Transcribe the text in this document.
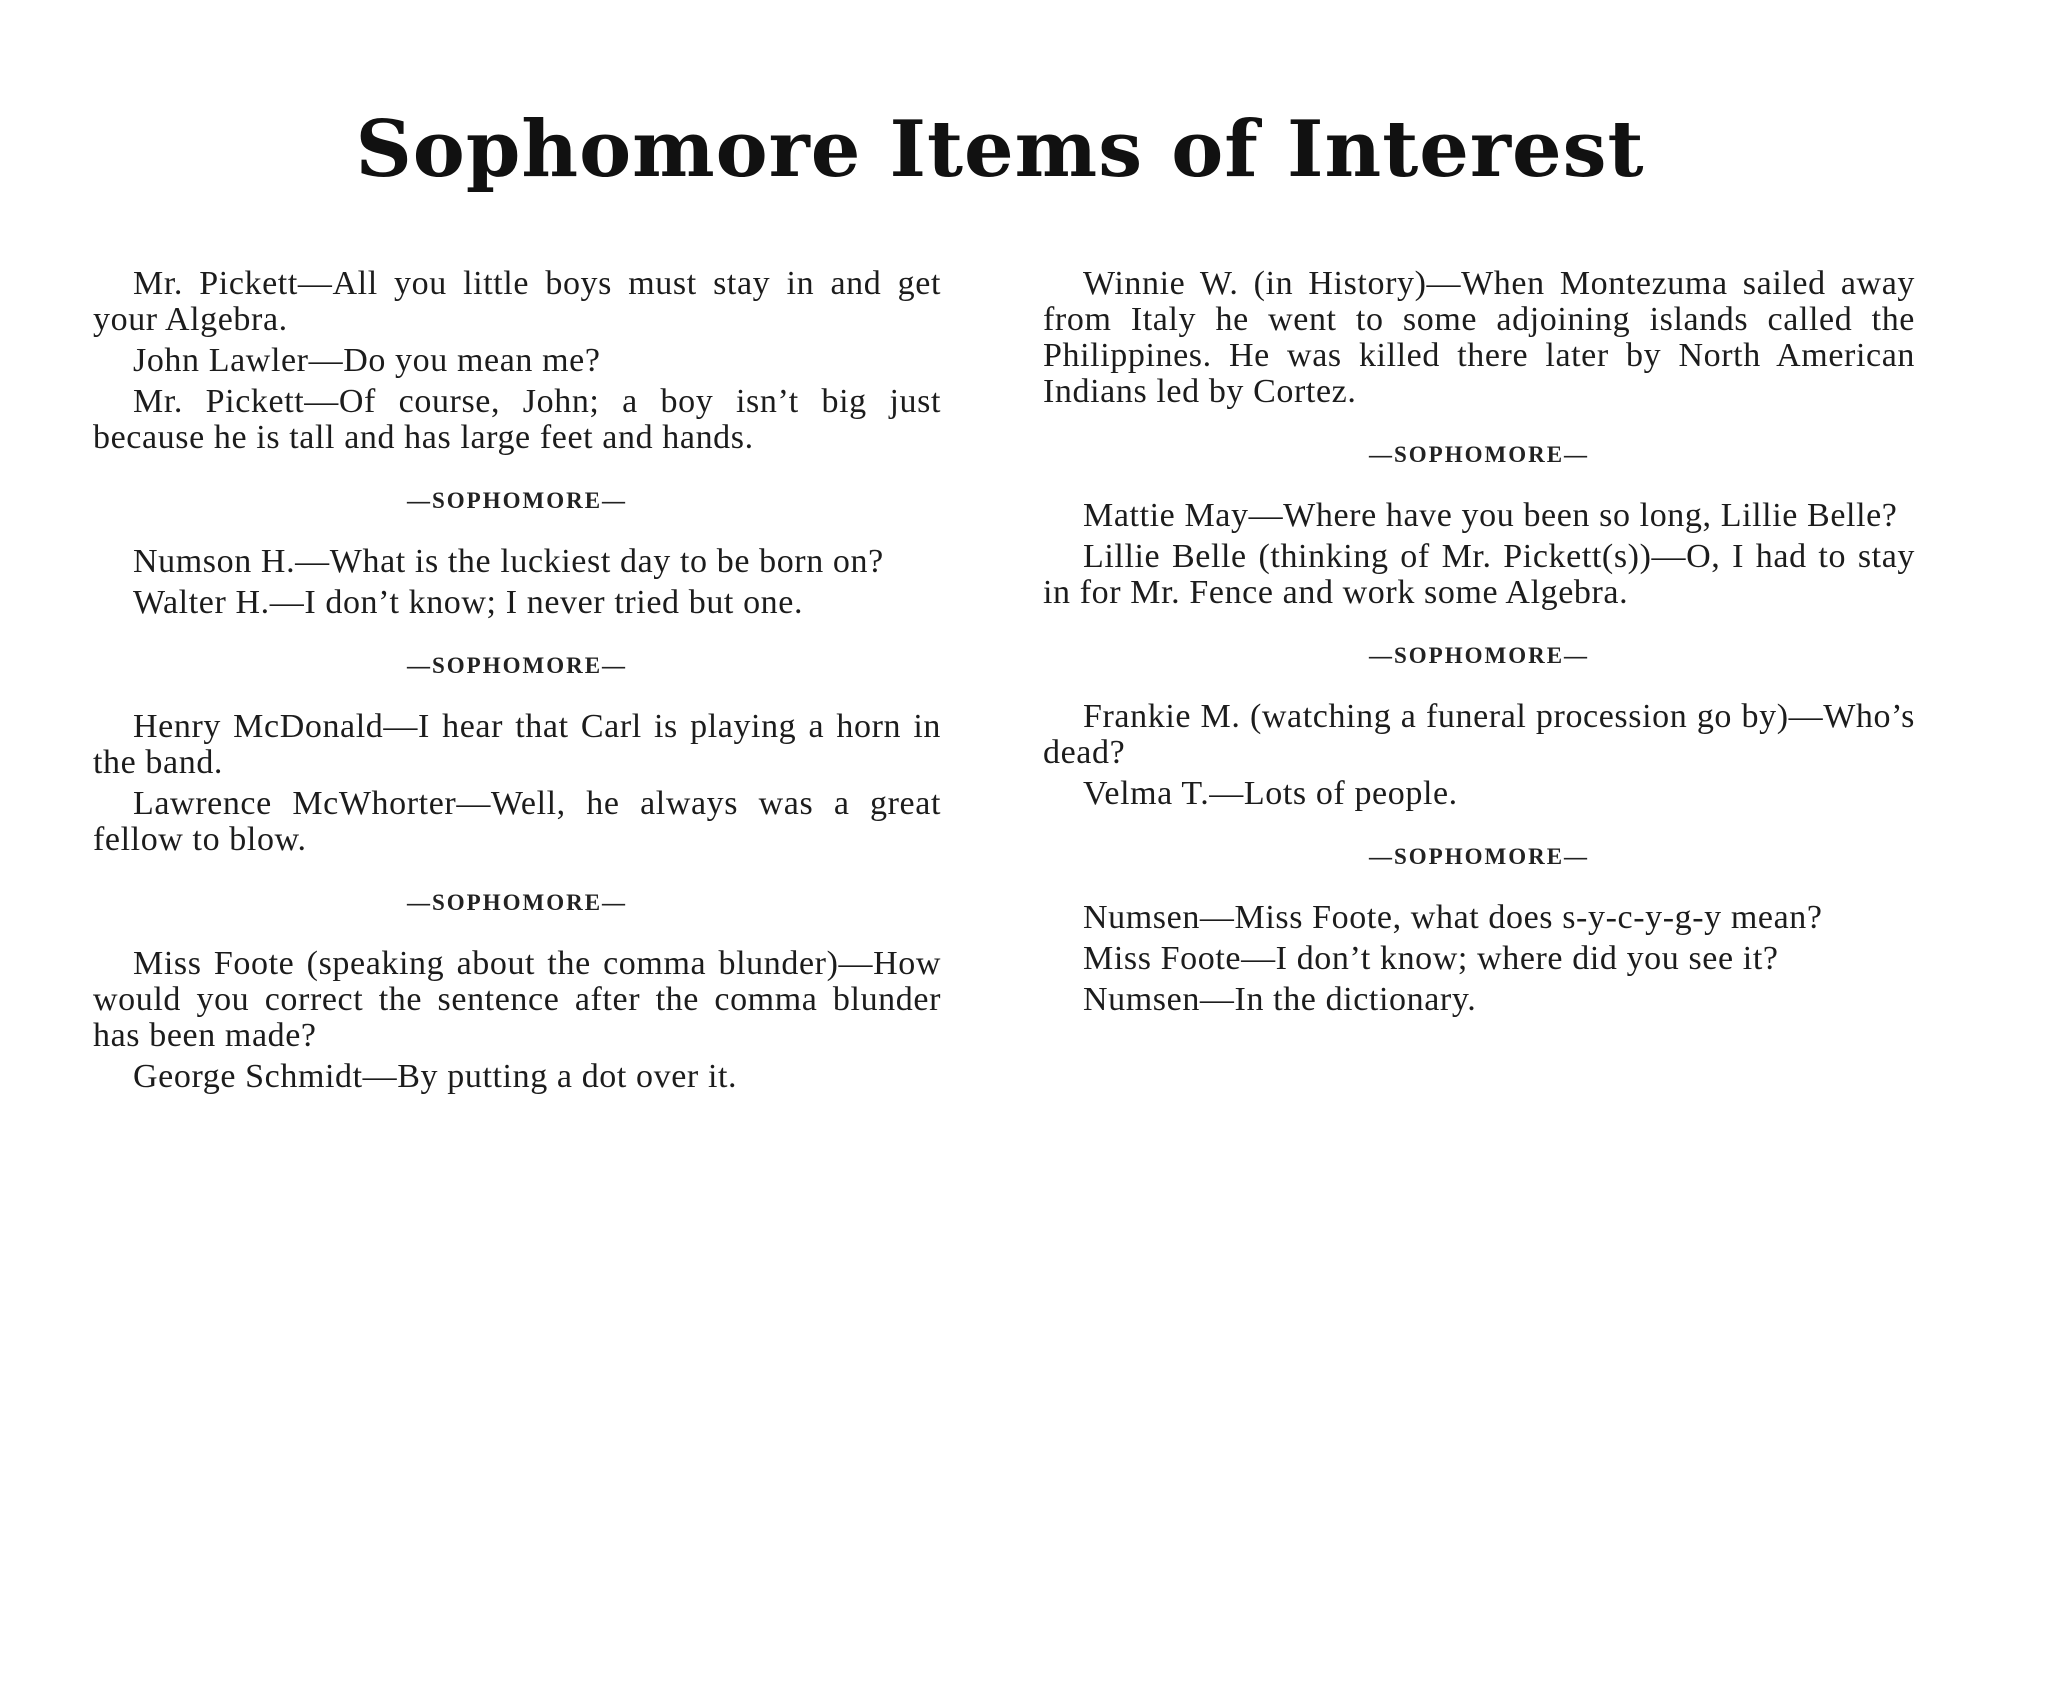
Sophomore Items of Interest

Mr. Pickett—All you little boys must stay in and get your Algebra.

John Lawler—Do you mean me?

Mr. Pickett—Of course, John; a boy isn’t big just because he is tall and has large feet and hands.

—SOPHOMORE—

Numson H.—What is the luckiest day to be born on?

Walter H.—I don’t know; I never tried but one.

—SOPHOMORE—

Henry McDonald—I hear that Carl is playing a horn in the band.

Lawrence McWhorter—Well, he always was a great fellow to blow.

—SOPHOMORE—

Miss Foote (speaking about the comma blunder)—How would you correct the sentence after the comma blunder has been made?

George Schmidt—By putting a dot over it.

Winnie W. (in History)—When Montezuma sailed away from Italy he went to some adjoining islands called the Philippines. He was killed there later by North American Indians led by Cortez.

—SOPHOMORE—

Mattie May—Where have you been so long, Lillie Belle?

Lillie Belle (thinking of Mr. Pickett(s))—O, I had to stay in for Mr. Fence and work some Algebra.

—SOPHOMORE—

Frankie M. (watching a funeral procession go by)—Who’s dead?

Velma T.—Lots of people.

—SOPHOMORE—

Numsen—Miss Foote, what does s-y-c-y-g-y mean?

Miss Foote—I don’t know; where did you see it?

Numsen—In the dictionary.
